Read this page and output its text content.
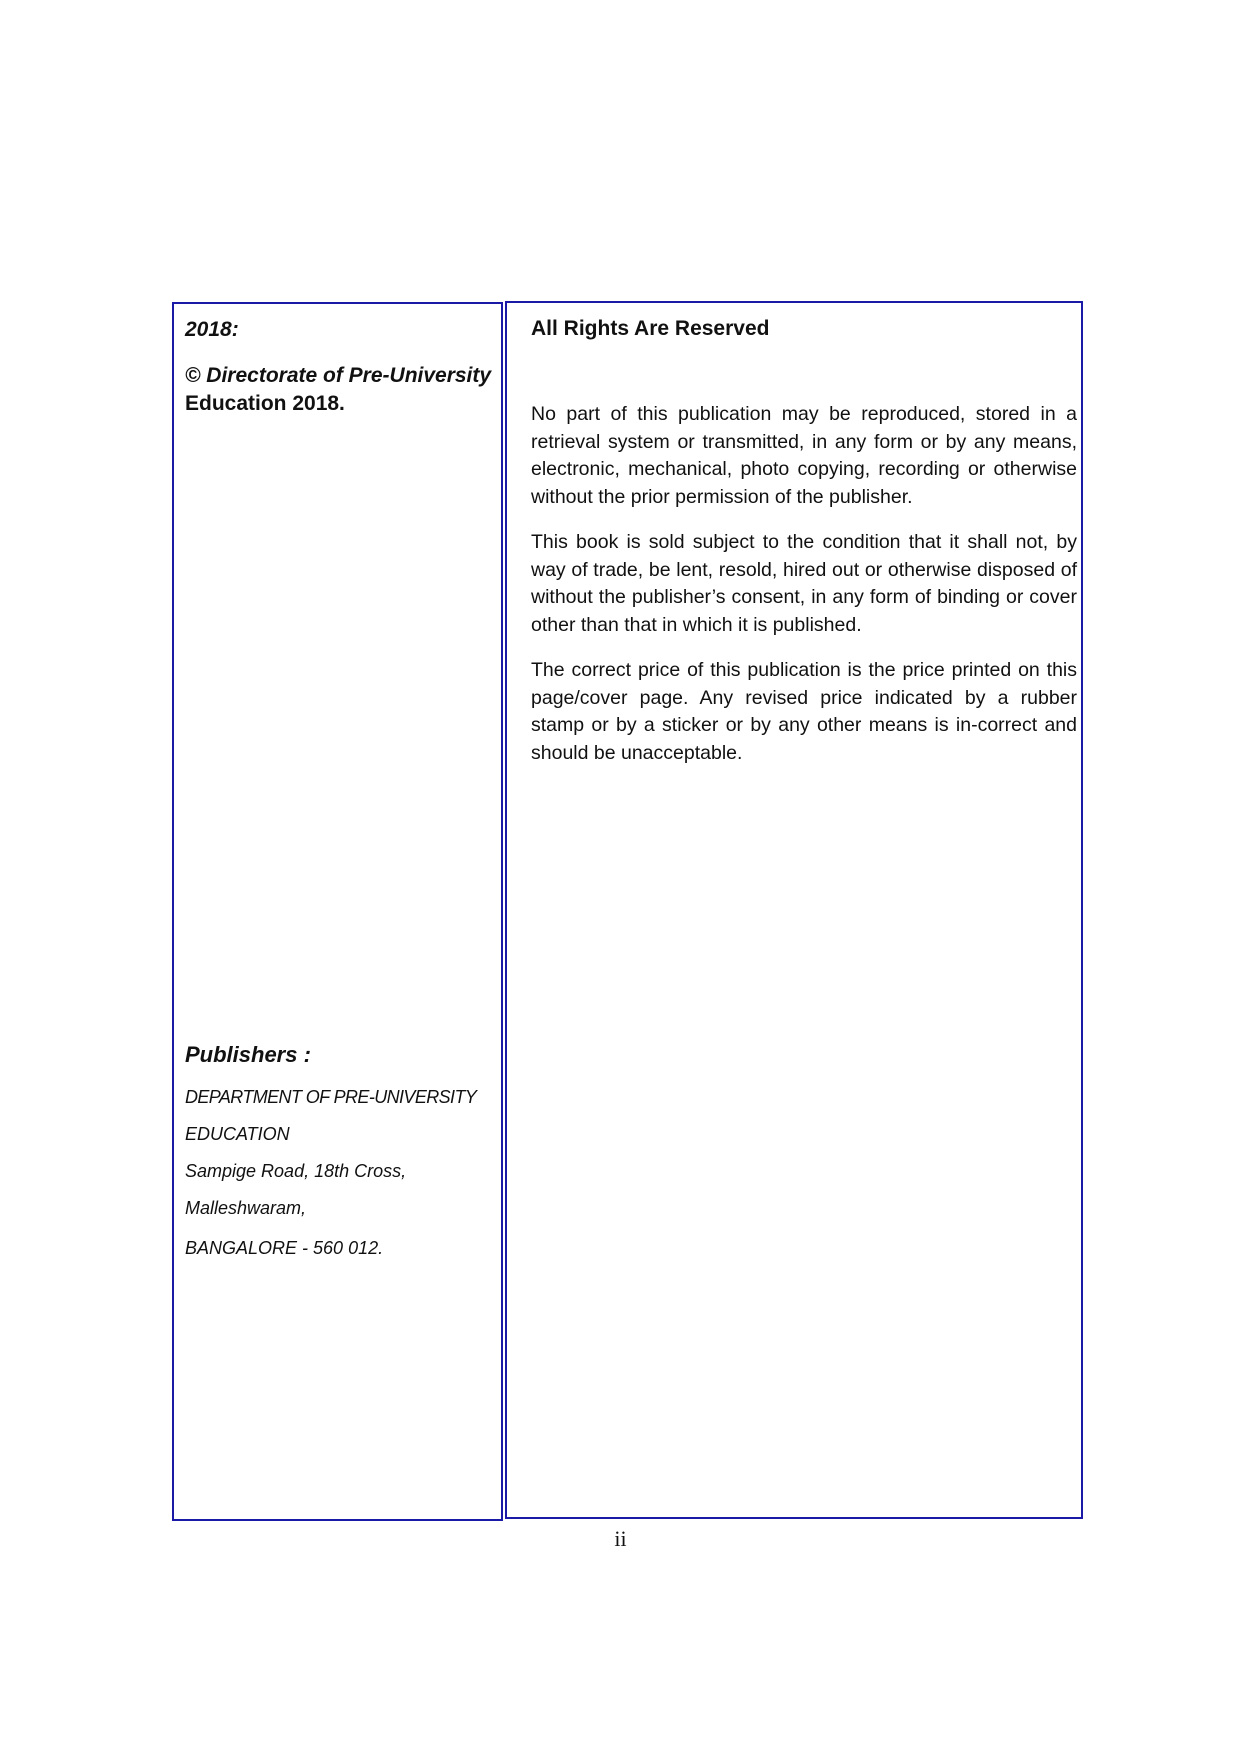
2018:
© Directorate of Pre-University
Education 2018.
Publishers :
DEPARTMENT OF PRE-UNIVERSITY
EDUCATION
Sampige Road, 18th Cross,
Malleshwaram,
BANGALORE - 560 012.
All Rights Are Reserved

No part of this publication may be reproduced, stored in a retrieval system or transmitted, in any form or by any means, electronic, mechanical, photo copying, recording or otherwise without the prior permission of the publisher.

This book is sold subject to the condition that it shall not, by way of trade, be lent, resold, hired out or otherwise disposed of without the publisher’s consent, in any form of binding or cover other than that in which it is published.

The correct price of this publication is the price printed on this page/cover page. Any revised price indicated by a rubber stamp or by a sticker or by any other means is in-correct and should be unacceptable.

ii
